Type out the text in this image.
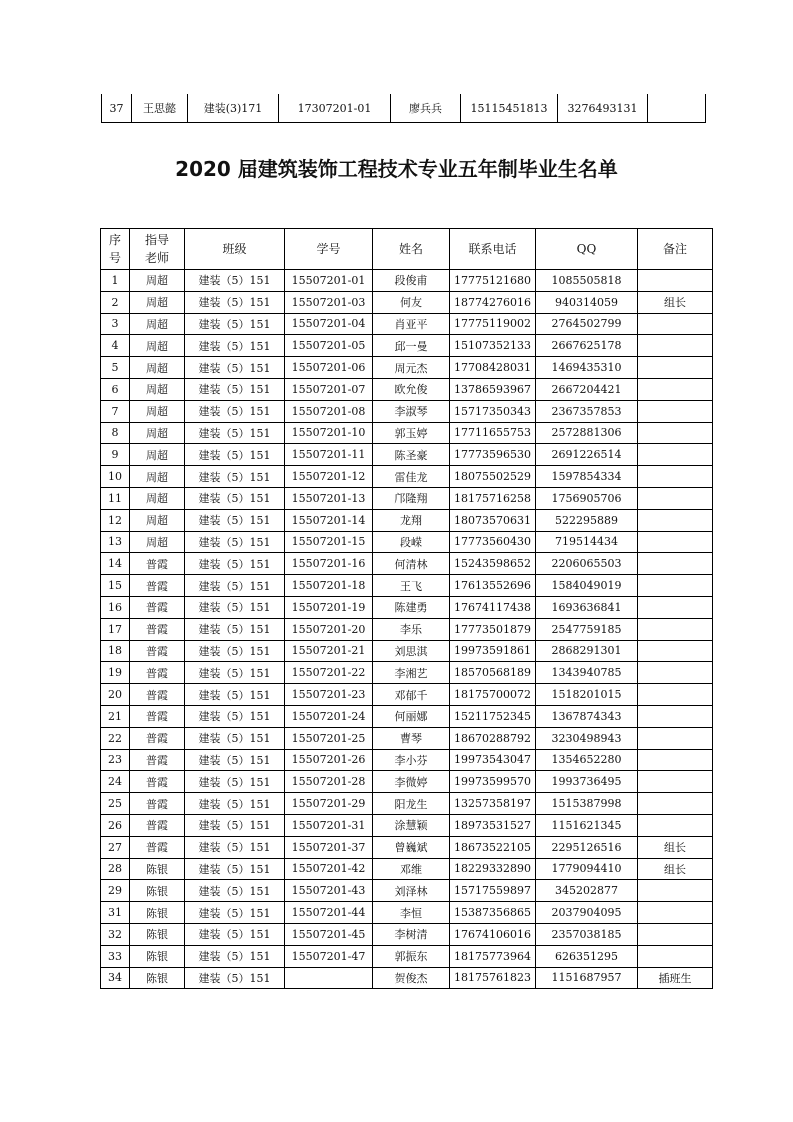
37	王思懿	建装(3)171	17307201-01	廖兵兵	15115451813	3276493131	
2020 届建筑装饰工程技术专业五年制毕业生名单
序
号	指导
老师	班级	学号	姓名	联系电话	QQ	备注
1	周超	建装（5）151	15507201-01	段俊甫	17775121680	1085505818	
2	周超	建装（5）151	15507201-03	何友	18774276016	940314059	组长
3	周超	建装（5）151	15507201-04	肖亚平	17775119002	2764502799	
4	周超	建装（5）151	15507201-05	邱一曼	15107352133	2667625178	
5	周超	建装（5）151	15507201-06	周元杰	17708428031	1469435310	
6	周超	建装（5）151	15507201-07	欧允俊	13786593967	2667204421	
7	周超	建装（5）151	15507201-08	李淑琴	15717350343	2367357853	
8	周超	建装（5）151	15507201-10	郭玉婷	17711655753	2572881306	
9	周超	建装（5）151	15507201-11	陈圣豪	17773596530	2691226514	
10	周超	建装（5）151	15507201-12	雷佳龙	18075502529	1597854334	
11	周超	建装（5）151	15507201-13	邝隆翔	18175716258	1756905706	
12	周超	建装（5）151	15507201-14	龙翔	18073570631	522295889	
13	周超	建装（5）151	15507201-15	段嵘	17773560430	719514434	
14	普霞	建装（5）151	15507201-16	何清林	15243598652	2206065503	
15	普霞	建装（5）151	15507201-18	王飞	17613552696	1584049019	
16	普霞	建装（5）151	15507201-19	陈建勇	17674117438	1693636841	
17	普霞	建装（5）151	15507201-20	李乐	17773501879	2547759185	
18	普霞	建装（5）151	15507201-21	刘思淇	19973591861	2868291301	
19	普霞	建装（5）151	15507201-22	李湘艺	18570568189	1343940785	
20	普霞	建装（5）151	15507201-23	邓郁千	18175700072	1518201015	
21	普霞	建装（5）151	15507201-24	何丽娜	15211752345	1367874343	
22	普霞	建装（5）151	15507201-25	曹琴	18670288792	3230498943	
23	普霞	建装（5）151	15507201-26	李小芬	19973543047	1354652280	
24	普霞	建装（5）151	15507201-28	李微婷	19973599570	1993736495	
25	普霞	建装（5）151	15507201-29	阳龙生	13257358197	1515387998	
26	普霞	建装（5）151	15507201-31	涂慧颖	18973531527	1151621345	
27	普霞	建装（5）151	15507201-37	曾巍斌	18673522105	2295126516	组长
28	陈银	建装（5）151	15507201-42	邓维	18229332890	1779094410	组长
29	陈银	建装（5）151	15507201-43	刘泽林	15717559897	345202877	
31	陈银	建装（5）151	15507201-44	李恒	15387356865	2037904095	
32	陈银	建装（5）151	15507201-45	李树清	17674106016	2357038185	
33	陈银	建装（5）151	15507201-47	郭振东	18175773964	626351295	
34	陈银	建装（5）151		贺俊杰	18175761823	1151687957	插班生
